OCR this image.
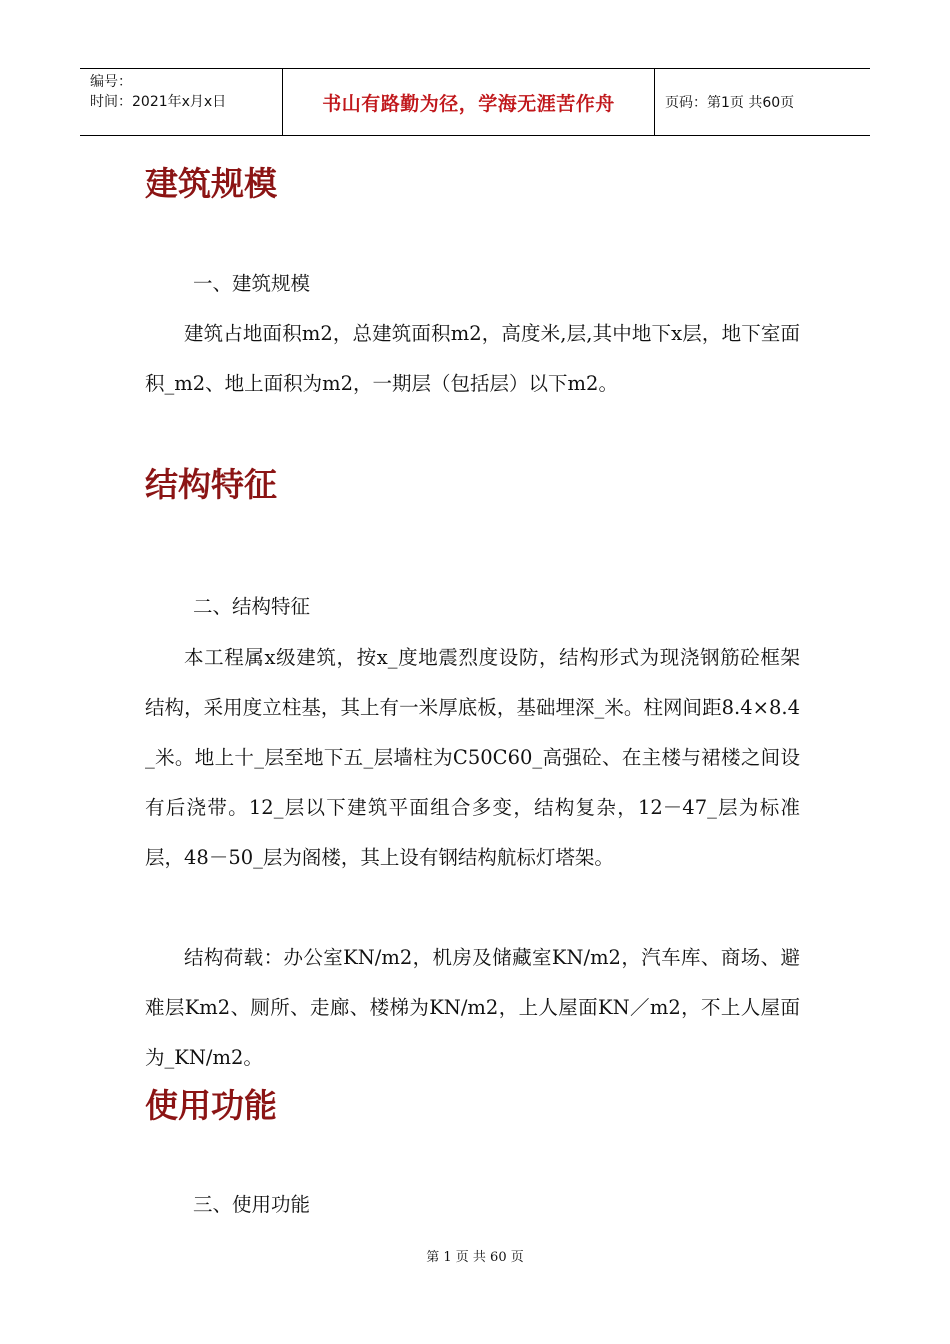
编号：
时间：2021年x月x日	书山有路勤为径，学海无涯苦作舟	页码：第1页 共60页
建筑规模

一、建筑规模

建筑占地面积m2，总建筑面积m2，高度米,层,其中地下x层，地下室面积_m2、地上面积为m2，一期层（包括层）以下m2。

结构特征

二、结构特征

本工程属x级建筑，按x_度地震烈度设防，结构形式为现浇钢筋砼框架结构，采用度立柱基，其上有一米厚底板，基础埋深_米。柱网间距8.4×8.4_米。地上十_层至地下五_层墙柱为C50C60_高强砼、在主楼与裙楼之间设有后浇带。12_层以下建筑平面组合多变，结构复杂，12－47_层为标准层，48－50_层为阁楼，其上设有钢结构航标灯塔架。

结构荷载：办公室KN/m2，机房及储藏室KN/m2，汽车库、商场、避难层Km2、厕所、走廊、楼梯为KN/m2，上人屋面KN／m2，不上人屋面为_KN/m2。

使用功能

三、使用功能

第 1 页 共 60 页
